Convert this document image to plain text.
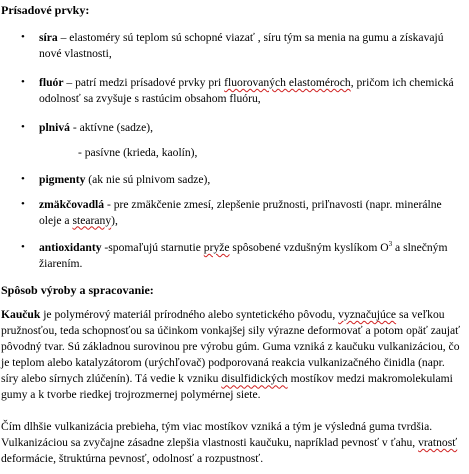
Prísadové prvky:
• síra – elastoméry sú teplom sú schopné viazať , síru tým sa menia na gumu a získavajú nové vlastnosti,
• fluór – patrí medzi prísadové prvky pri fluorovaných elastoméroch, pričom ich chemická odolnosť sa zvyšuje s rastúcim obsahom fluóru,
• plnivá - aktívne (sadze),
- pasívne (krieda, kaolín),
• pigmenty (ak nie sú plnivom sadze),
• zmäkčovadlá - pre zmäkčenie zmesí, zlepšenie pružnosti, priľnavosti (napr. minerálne oleje a stearany),
• antioxidanty -spomaľujú starnutie pryže spôsobené vzdušným kyslíkom $O^3$ a slnečným žiarením.
Spôsob výroby a spracovanie:
Kaučuk je polymérový materiál prírodného alebo syntetického pôvodu, vyznačujúce sa veľkou pružnosťou, teda schopnosťou sa účinkom vonkajšej sily výrazne deformovať a potom opäť zaujať pôvodný tvar. Sú základnou surovinou pre výrobu gúm. Guma vzniká z kaučuku vulkanizáciou, čo je teplom alebo katalyzátorom (urýchľovač) podporovaná reakcia vulkanizačného činidla (napr. síry alebo sírnych zlúčenín). Tá vedie k vzniku disulfidických mostíkov medzi makromolekulami gumy a k tvorbe riedkej trojrozmernej polymérnej siete.
Čím dlhšie vulkanizácia prebieha, tým viac mostíkov vzniká a tým je výsledná guma tvrdšia. Vulkanizáciou sa zvyčajne zásadne zlepšia vlastnosti kaučuku, napríklad pevnosť v ťahu, vratnosť deformácie, štruktúrna pevnosť, odolnosť a rozpustnosť.
